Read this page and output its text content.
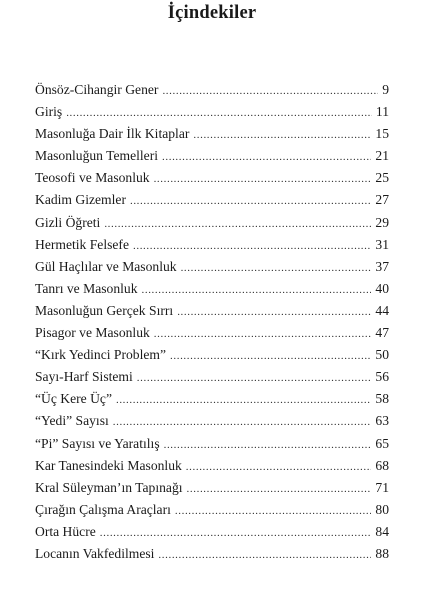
İçindekiler
Önsöz-Cihangir Gener .....	9
Giriş .....	11
Masonluğa Dair İlk Kitaplar .....	15
Masonluğun Temelleri .....	21
Teosofi ve Masonluk .....	25
Kadim Gizemler .....	27
Gizli Öğreti .....	29
Hermetik Felsefe .....	31
Gül Haçlılar ve Masonluk .....	37
Tanrı ve Masonluk .....	40
Masonluğun Gerçek Sırrı .....	44
Pisagor ve Masonluk .....	47
“Kırk Yedinci Problem” .....	50
Sayı-Harf Sistemi .....	56
“Üç Kere Üç” .....	58
“Yedi” Sayısı .....	63
“Pi” Sayısı ve Yaratılış .....	65
Kar Tanesindeki Masonluk .....	68
Kral Süleyman’ın Tapınağı .....	71
Çırağın Çalışma Araçları .....	80
Orta Hücre .....	84
Locanın Vakfedilmesi .....	88
